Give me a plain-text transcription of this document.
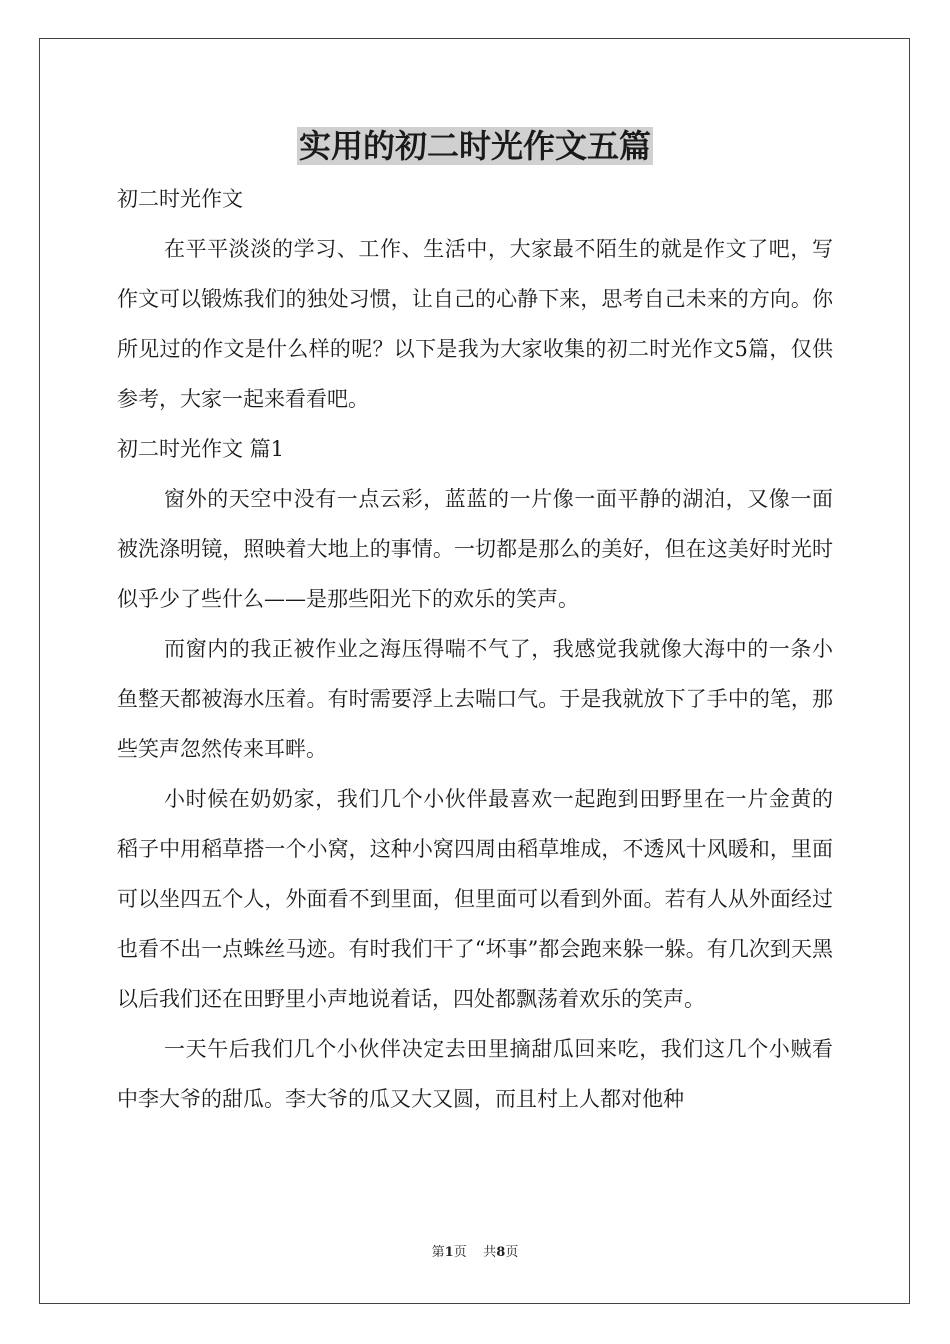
实用的初二时光作文五篇

初二时光作文

在平平淡淡的学习、工作、生活中，大家最不陌生的就是作文了吧，写作文可以锻炼我们的独处习惯，让自己的心静下来，思考自己未来的方向。你所见过的作文是什么样的呢？以下是我为大家收集的初二时光作文5篇，仅供参考，大家一起来看看吧。

初二时光作文 篇1

窗外的天空中没有一点云彩，蓝蓝的一片像一面平静的湖泊，又像一面被洗涤明镜，照映着大地上的事情。一切都是那么的美好，但在这美好时光时似乎少了些什么——是那些阳光下的欢乐的笑声。

而窗内的我正被作业之海压得喘不气了，我感觉我就像大海中的一条小鱼整天都被海水压着。有时需要浮上去喘口气。于是我就放下了手中的笔，那些笑声忽然传来耳畔。

小时候在奶奶家，我们几个小伙伴最喜欢一起跑到田野里在一片金黄的稻子中用稻草搭一个小窝，这种小窝四周由稻草堆成，不透风十风暖和，里面可以坐四五个人，外面看不到里面，但里面可以看到外面。若有人从外面经过也看不出一点蛛丝马迹。有时我们干了“坏事”都会跑来躲一躲。有几次到天黑以后我们还在田野里小声地说着话，四处都飘荡着欢乐的笑声。

一天午后我们几个小伙伴决定去田里摘甜瓜回来吃，我们这几个小贼看中李大爷的甜瓜。李大爷的瓜又大又圆，而且村上人都对他种

第1页 共8页
